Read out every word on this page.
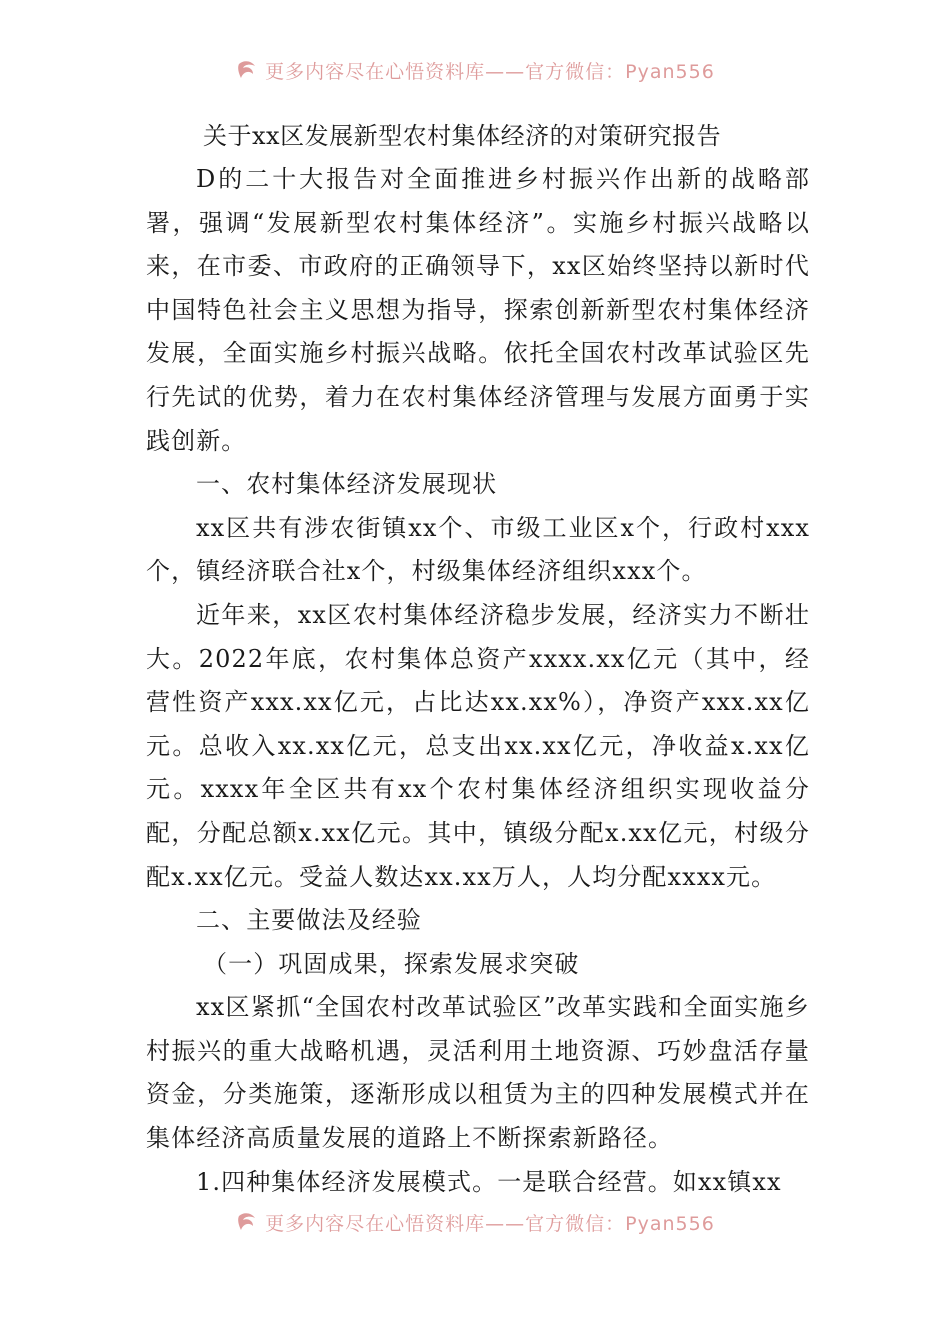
更多内容尽在心悟资料库——官方微信：Pyan556

关于xx区发展新型农村集体经济的对策研究报告

D的二十大报告对全面推进乡村振兴作出新的战略部署，强调“发展新型农村集体经济”。实施乡村振兴战略以来，在市委、市政府的正确领导下，xx区始终坚持以新时代中国特色社会主义思想为指导，探索创新新型农村集体经济发展，全面实施乡村振兴战略。依托全国农村改革试验区先行先试的优势，着力在农村集体经济管理与发展方面勇于实践创新。

一、农村集体经济发展现状

xx区共有涉农街镇xx个、市级工业区x个，行政村xxx个，镇经济联合社x个，村级集体经济组织xxx个。

近年来，xx区农村集体经济稳步发展，经济实力不断壮大。2022年底，农村集体总资产xxxx.xx亿元（其中，经营性资产xxx.xx亿元，占比达xx.xx%），净资产xxx.xx亿元。总收入xx.xx亿元，总支出xx.xx亿元，净收益x.xx亿元。xxxx年全区共有xx个农村集体经济组织实现收益分配，分配总额x.xx亿元。其中，镇级分配x.xx亿元，村级分配x.xx亿元。受益人数达xx.xx万人，人均分配xxxx元。

二、主要做法及经验

（一）巩固成果，探索发展求突破

xx区紧抓“全国农村改革试验区”改革实践和全面实施乡村振兴的重大战略机遇，灵活利用土地资源、巧妙盘活存量资金，分类施策，逐渐形成以租赁为主的四种发展模式并在集体经济高质量发展的道路上不断探索新路径。

1.四种集体经济发展模式。一是联合经营。如xx镇xx

更多内容尽在心悟资料库——官方微信：Pyan556
